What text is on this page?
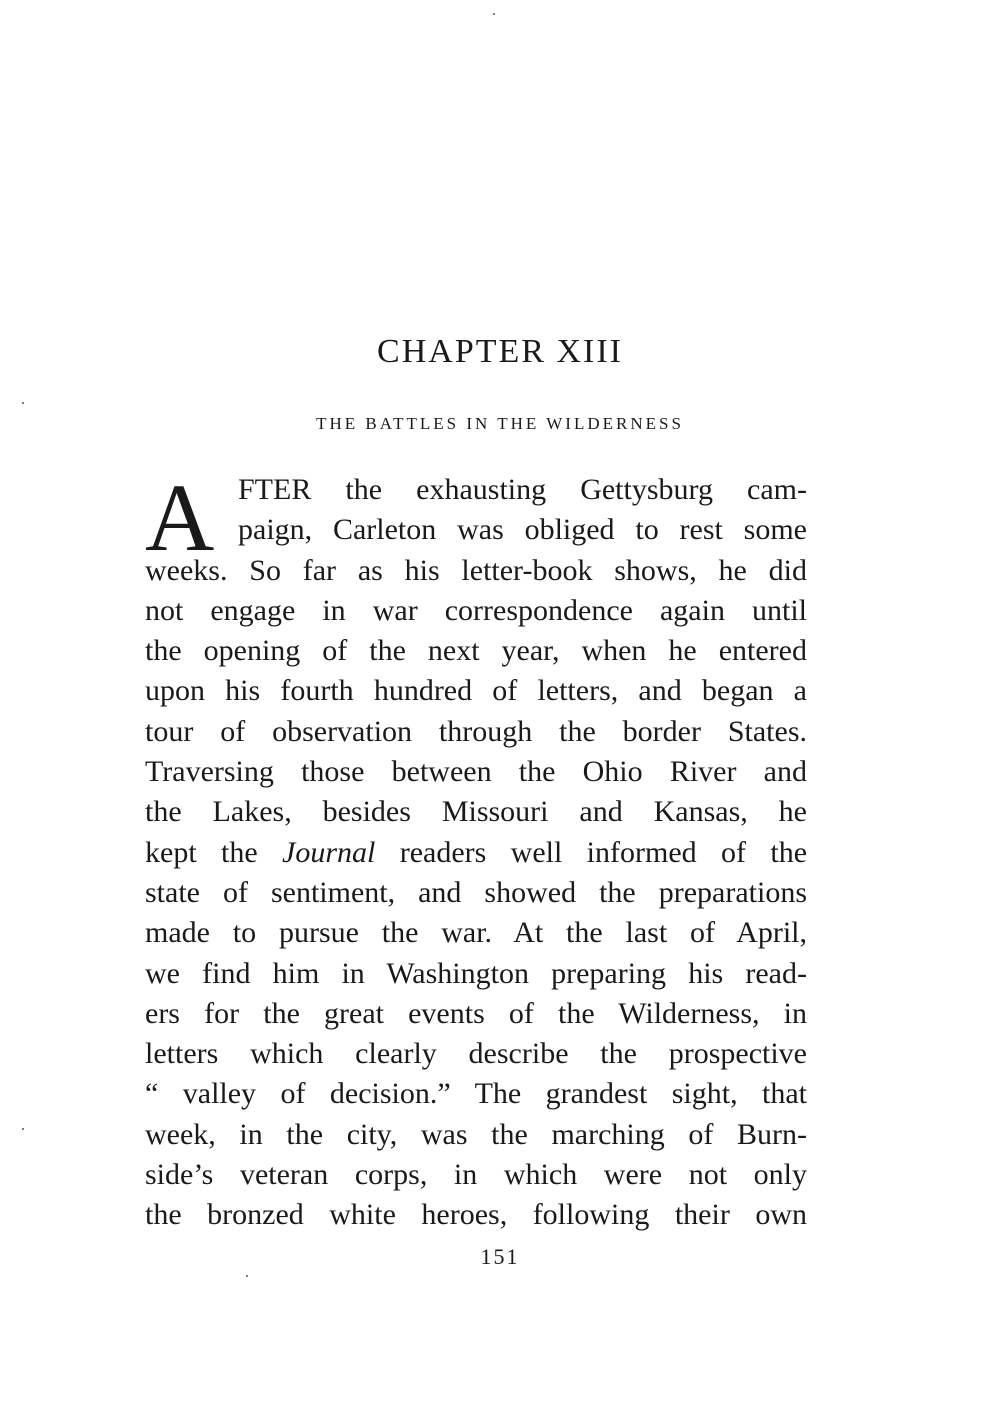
CHAPTER XIII
THE BATTLES IN THE WILDERNESS
A FTER the exhausting Gettysburg cam-
paign, Carleton was obliged to rest some
weeks. So far as his letter-book shows, he did
not engage in war correspondence again until
the opening of the next year, when he entered
upon his fourth hundred of letters, and began a
tour of observation through the border States.
Traversing those between the Ohio River and
the Lakes, besides Missouri and Kansas, he
kept the Journal readers well informed of the
state of sentiment, and showed the preparations
made to pursue the war. At the last of April,
we find him in Washington preparing his read-
ers for the great events of the Wilderness, in
letters which clearly describe the prospective
“ valley of decision.” The grandest sight, that
week, in the city, was the marching of Burn-
side’s veteran corps, in which were not only
the bronzed white heroes, following their own
151
